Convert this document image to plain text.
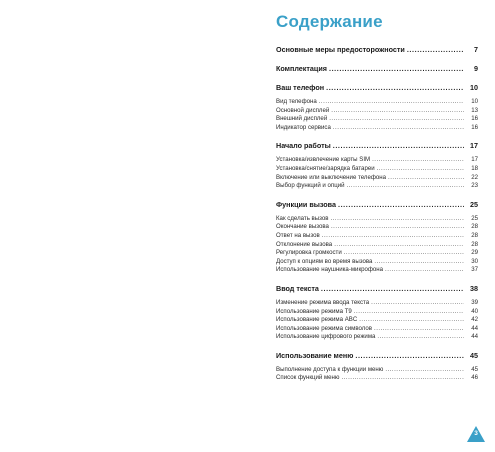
Содержание
Основные меры предосторожности .....	7
Комплектация .....	9
Ваш телефон .....	10
Вид телефона .....	10
Основной дисплей .....	13
Внешний дисплей .....	16
Индикатор сервиса .....	16
Начало работы .....	17
Установка/извлечение карты SIM .....	17
Установка/снятие/зарядка батареи .....	18
Включение или выключение телефона .....	22
Выбор функций и опций .....	23
Функции вызова .....	25
Как сделать вызов .....	25
Окончание вызова .....	28
Ответ на вызов .....	28
Отклонение вызова .....	28
Регулировка громкости .....	29
Доступ к опциям во время вызова .....	30
Использование наушника-микрофона .....	37
Ввод текста .....	38
Изменение режима ввода текста .....	39
Использование режима T9 .....	40
Использование режима ABC .....	42
Использование режима символов .....	44
Использование цифрового режима .....	44
Использование меню .....	45
Выполнение доступа к функции меню .....	45
Список функций меню .....	46
3
